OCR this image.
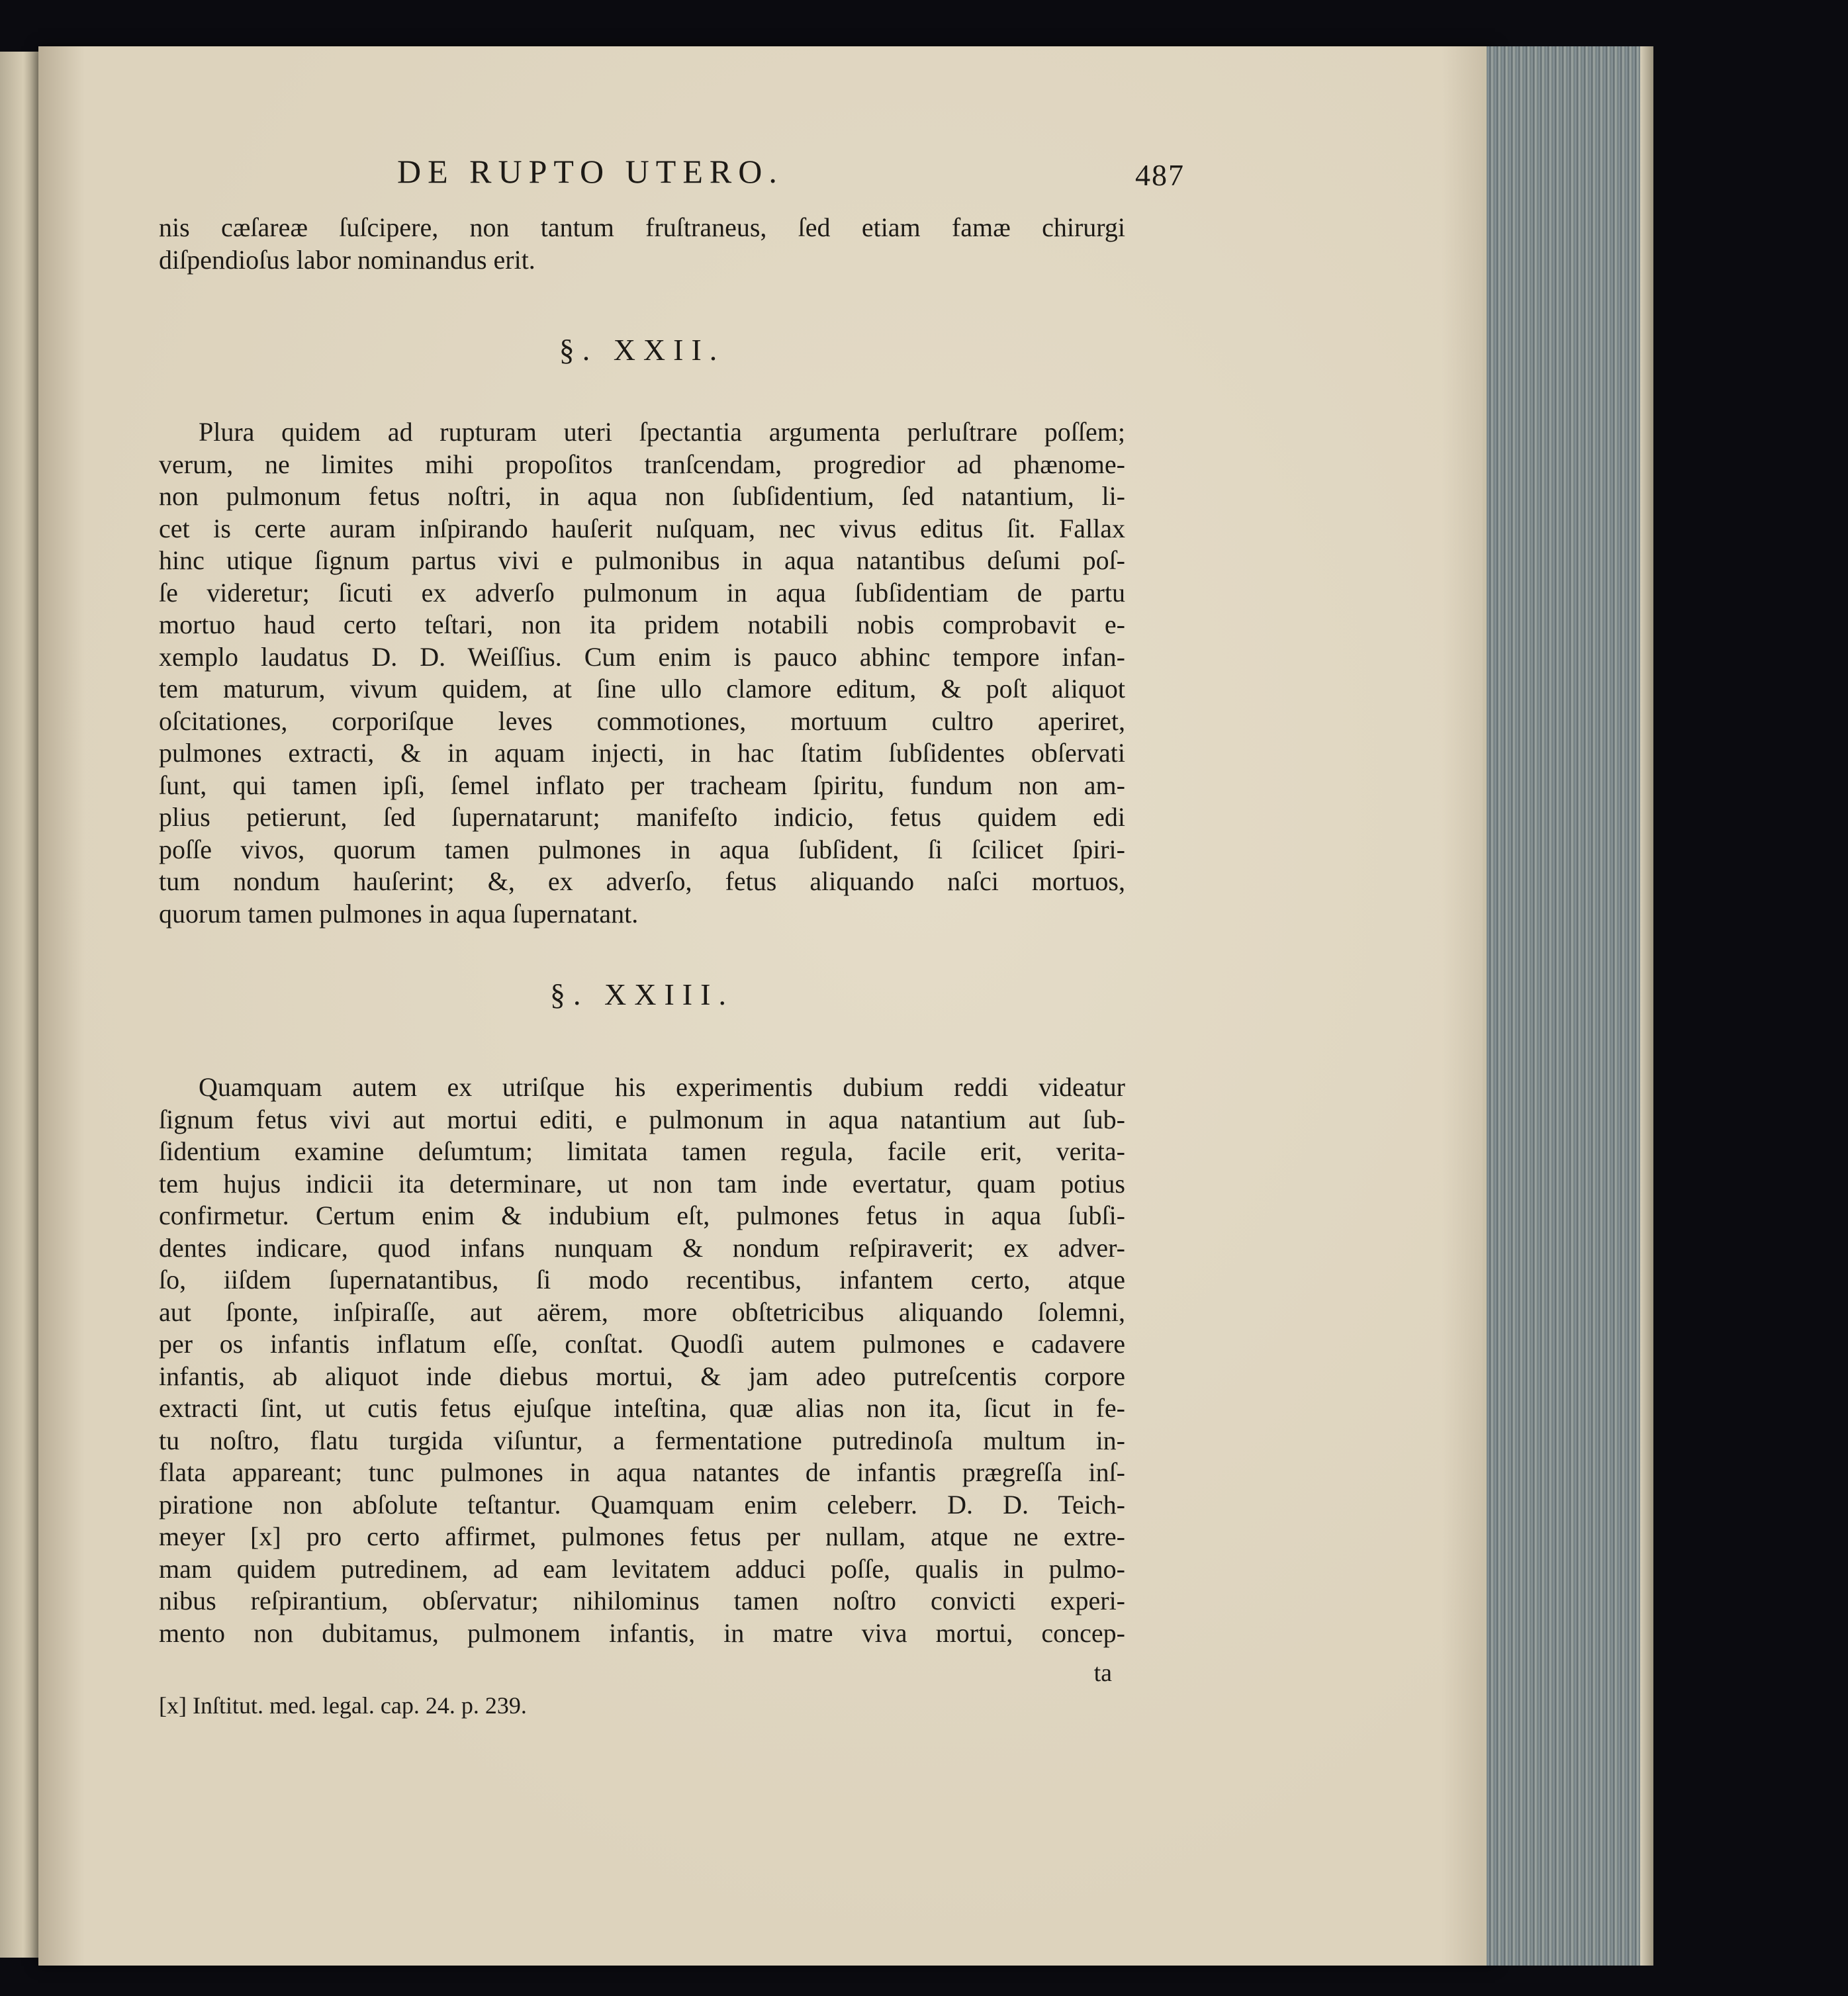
DE RUPTO UTERO.	487

nis cæſareæ ſuſcipere, non tantum fruſtraneus, ſed etiam famæ chirurgi
diſpendioſus labor nominandus erit.

§. XXII.

Plura quidem ad rupturam uteri ſpectantia argumenta perluſtrare poſſem;
verum, ne limites mihi propoſitos tranſcendam, progredior ad phænome-
non pulmonum fetus noſtri, in aqua non ſubſidentium, ſed natantium, li-
cet is certe auram inſpirando hauſerit nuſquam, nec vivus editus ſit. Fallax
hinc utique ſignum partus vivi e pulmonibus in aqua natantibus deſumi poſ-
ſe videretur; ſicuti ex adverſo pulmonum in aqua ſubſidentiam de partu
mortuo haud certo teſtari, non ita pridem notabili nobis comprobavit e-
xemplo laudatus D. D. Weiſſius. Cum enim is pauco abhinc tempore infan-
tem maturum, vivum quidem, at ſine ullo clamore editum, & poſt aliquot
oſcitationes, corporiſque leves commotiones, mortuum cultro aperiret,
pulmones extracti, & in aquam injecti, in hac ſtatim ſubſidentes obſervati
ſunt, qui tamen ipſi, ſemel inflato per tracheam ſpiritu, fundum non am-
plius petierunt, ſed ſupernatarunt; manifeſto indicio, fetus quidem edi
poſſe vivos, quorum tamen pulmones in aqua ſubſident, ſi ſcilicet ſpiri-
tum nondum hauſerint; &, ex adverſo, fetus aliquando naſci mortuos,
quorum tamen pulmones in aqua ſupernatant.

§. XXIII.

Quamquam autem ex utriſque his experimentis dubium reddi videatur
ſignum fetus vivi aut mortui editi, e pulmonum in aqua natantium aut ſub-
ſidentium examine deſumtum; limitata tamen regula, facile erit, verita-
tem hujus indicii ita determinare, ut non tam inde evertatur, quam potius
confirmetur. Certum enim & indubium eſt, pulmones fetus in aqua ſubſi-
dentes indicare, quod infans nunquam & nondum reſpiraverit; ex adver-
ſo, iiſdem ſupernatantibus, ſi modo recentibus, infantem certo, atque
aut ſponte, inſpiraſſe, aut aërem, more obſtetricibus aliquando ſolemni,
per os infantis inflatum eſſe, conſtat. Quodſi autem pulmones e cadavere
infantis, ab aliquot inde diebus mortui, & jam adeo putreſcentis corpore
extracti ſint, ut cutis fetus ejuſque inteſtina, quæ alias non ita, ſicut in fe-
tu noſtro, flatu turgida viſuntur, a fermentatione putredinoſa multum in-
flata appareant; tunc pulmones in aqua natantes de infantis prægreſſa inſ-
piratione non abſolute teſtantur. Quamquam enim celeberr. D. D. Teich-
meyer [x] pro certo affirmet, pulmones fetus per nullam, atque ne extre-
mam quidem putredinem, ad eam levitatem adduci poſſe, qualis in pulmo-
nibus reſpirantium, obſervatur; nihilominus tamen noſtro convicti experi-
mento non dubitamus, pulmonem infantis, in matre viva mortui, concep-

ta
[x] Inſtitut. med. legal. cap. 24. p. 239.
